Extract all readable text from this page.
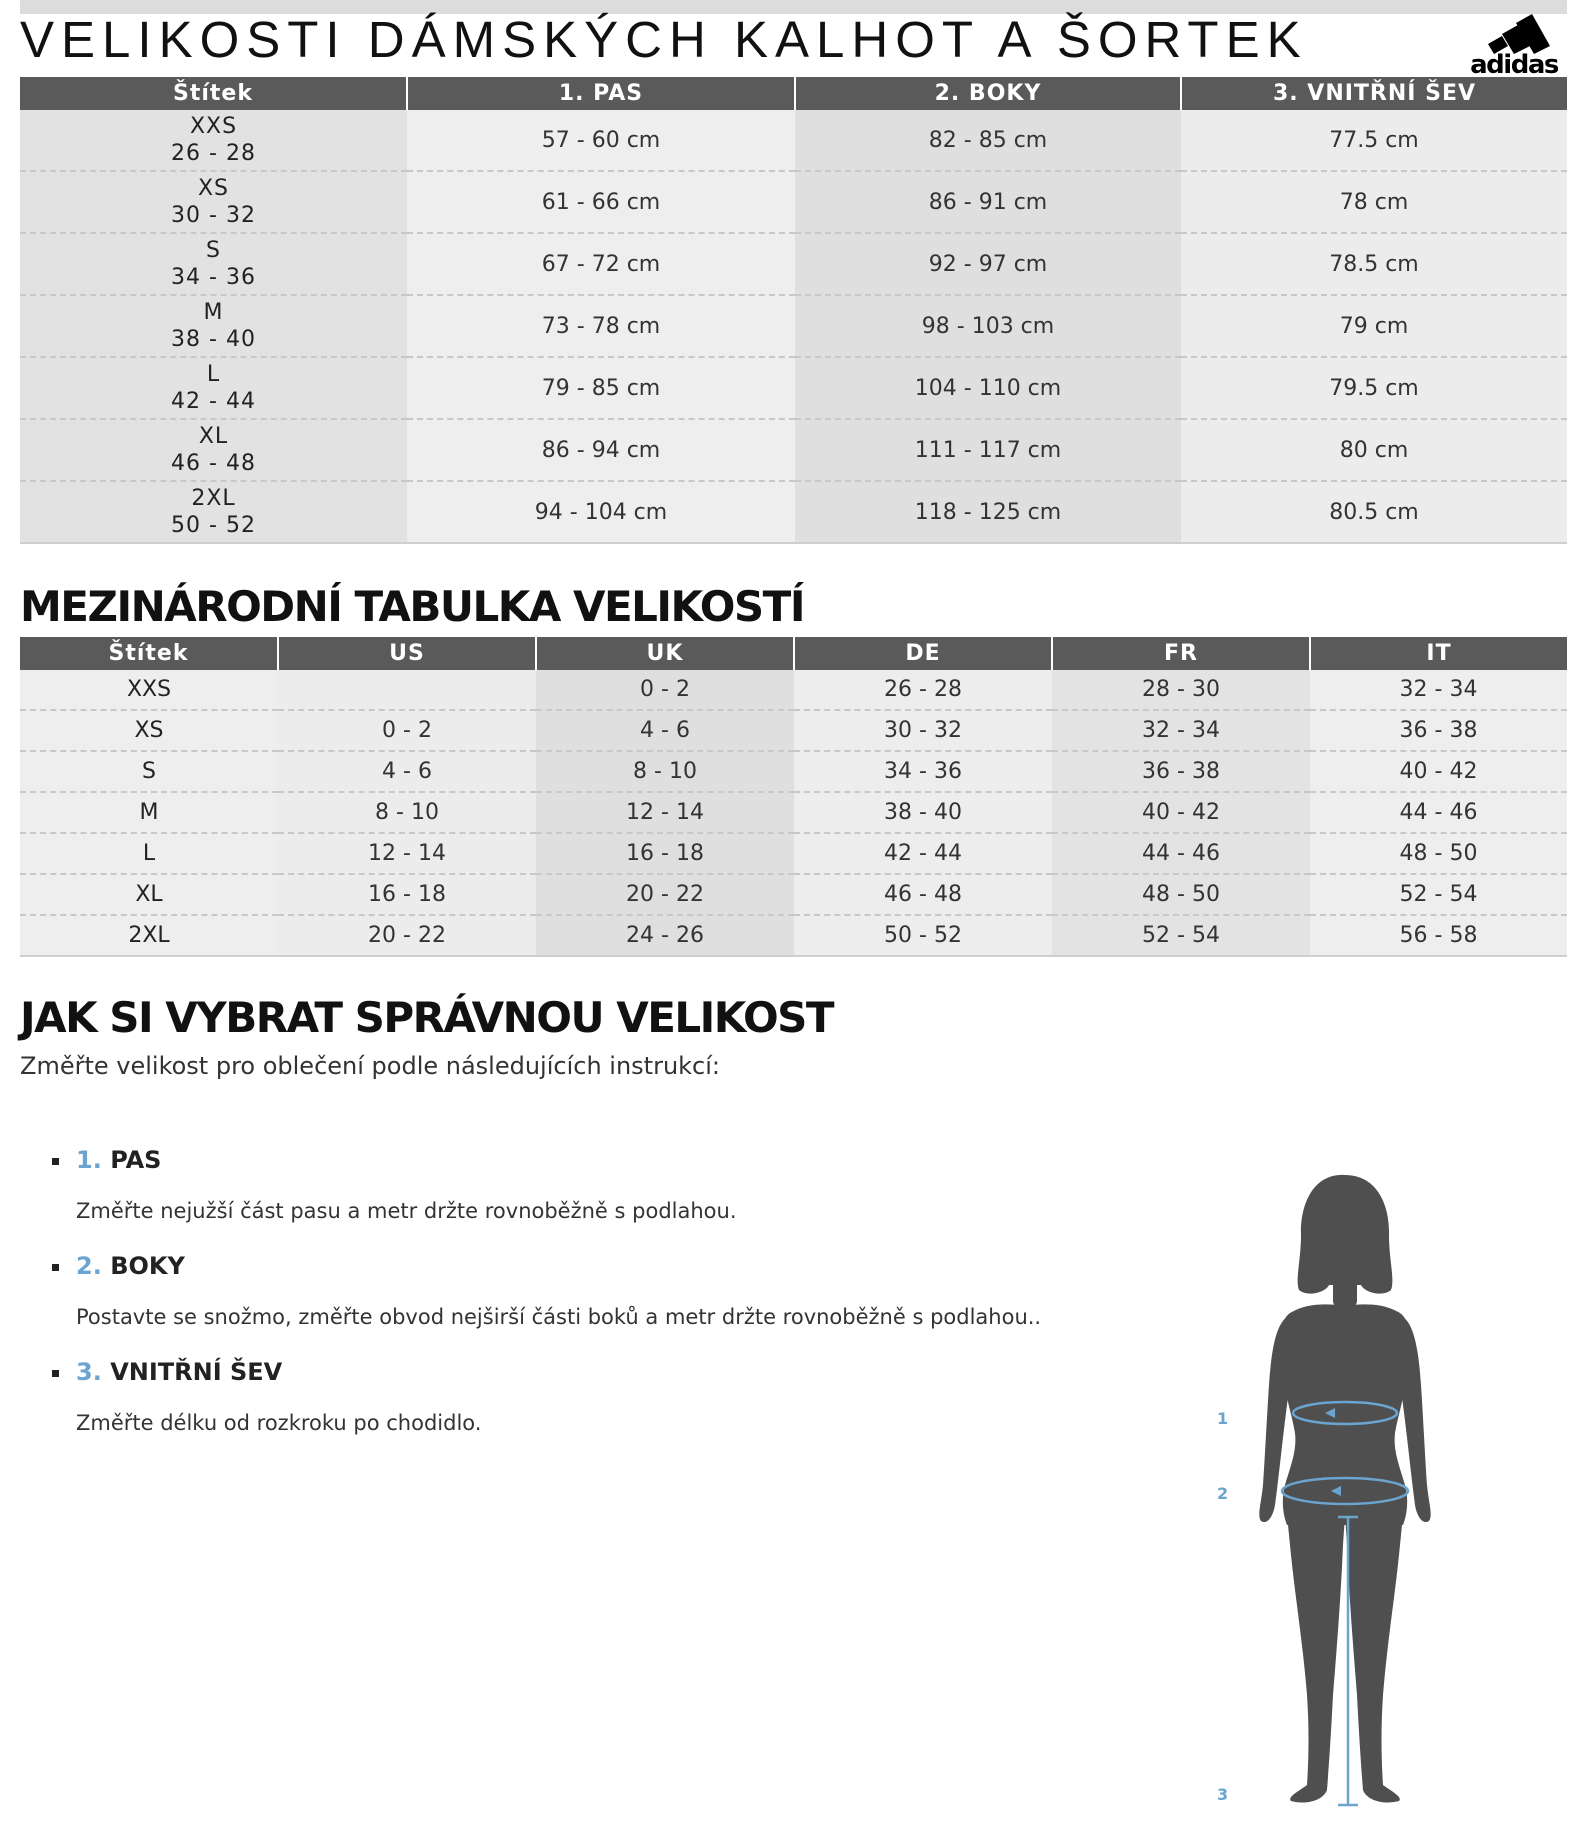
VELIKOSTI DÁMSKÝCH KALHOT A ŠORTEK	adidas
Štítek	1. PAS	2. BOKY	3. VNITŘNÍ ŠEV

XXS
26 - 28	57 - 60 cm	82 - 85 cm	77.5 cm

XS
30 - 32	61 - 66 cm	86 - 91 cm	78 cm

S
34 - 36	67 - 72 cm	92 - 97 cm	78.5 cm

M
38 - 40	73 - 78 cm	98 - 103 cm	79 cm

L
42 - 44	79 - 85 cm	104 - 110 cm	79.5 cm

XL
46 - 48	86 - 94 cm	111 - 117 cm	80 cm

2XL
50 - 52	94 - 104 cm	118 - 125 cm	80.5 cm
MEZINÁRODNÍ TABULKA VELIKOSTÍ
Štítek	US	UK	DE	FR	IT
XXS		0 - 2	26 - 28	28 - 30	32 - 34
XS	0 - 2	4 - 6	30 - 32	32 - 34	36 - 38
S	4 - 6	8 - 10	34 - 36	36 - 38	40 - 42
M	8 - 10	12 - 14	38 - 40	40 - 42	44 - 46
L	12 - 14	16 - 18	42 - 44	44 - 46	48 - 50
XL	16 - 18	20 - 22	46 - 48	48 - 50	52 - 54
2XL	20 - 22	24 - 26	50 - 52	52 - 54	56 - 58
JAK SI VYBRAT SPRÁVNOU VELIKOST
Změřte velikost pro oblečení podle následujících instrukcí:
1. PAS
Změřte nejužší část pasu a metr držte rovnoběžně s podlahou.
2. BOKY
Postavte se snožmo, změřte obvod nejširší části boků a metr držte rovnoběžně s podlahou..
3. VNITŘNÍ ŠEV
Změřte délku od rozkroku po chodidlo.	1
2
3
